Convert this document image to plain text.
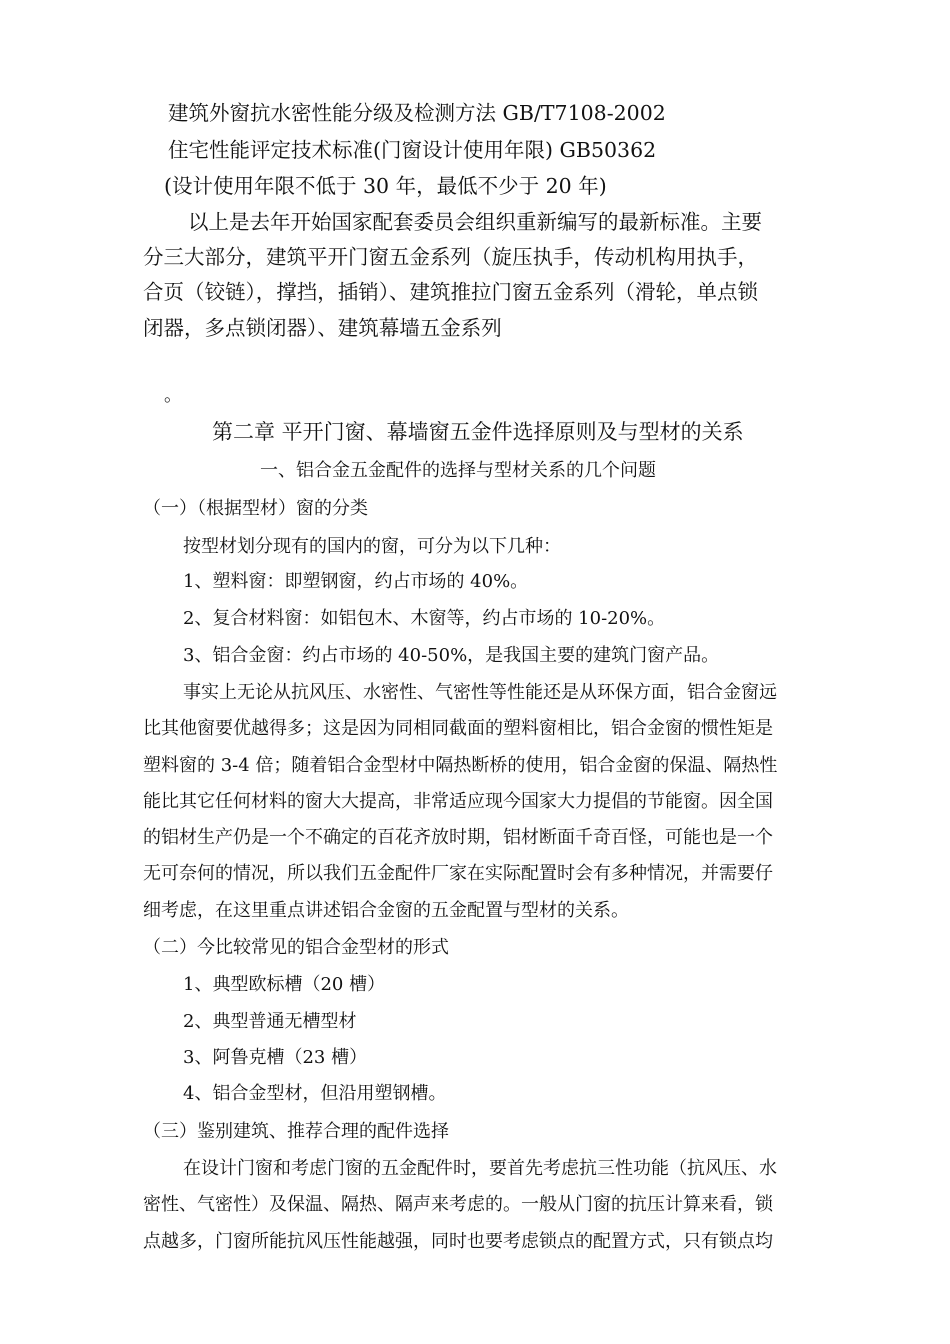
建筑外窗抗水密性能分级及检测方法 GB/T7108-2002
住宅性能评定技术标准(门窗设计使用年限) GB50362
(设计使用年限不低于 30 年，最低不少于 20 年)
以上是去年开始国家配套委员会组织重新编写的最新标准。主要
分三大部分，建筑平开门窗五金系列（旋压执手，传动机构用执手，
合页（铰链），撑挡，插销）、建筑推拉门窗五金系列（滑轮，单点锁
闭器，多点锁闭器）、建筑幕墙五金系列
。
第二章 平开门窗、幕墙窗五金件选择原则及与型材的关系
一、铝合金五金配件的选择与型材关系的几个问题
（一）（根据型材）窗的分类
按型材划分现有的国内的窗，可分为以下几种：
1、塑料窗：即塑钢窗，约占市场的 40%。
2、复合材料窗：如铝包木、木窗等，约占市场的 10-20%。
3、铝合金窗：约占市场的 40-50%，是我国主要的建筑门窗产品。
事实上无论从抗风压、水密性、气密性等性能还是从环保方面，铝合金窗远
比其他窗要优越得多；这是因为同相同截面的塑料窗相比，铝合金窗的惯性矩是
塑料窗的 3-4 倍；随着铝合金型材中隔热断桥的使用，铝合金窗的保温、隔热性
能比其它任何材料的窗大大提高，非常适应现今国家大力提倡的节能窗。因全国
的铝材生产仍是一个不确定的百花齐放时期，铝材断面千奇百怪，可能也是一个
无可奈何的情况，所以我们五金配件厂家在实际配置时会有多种情况，并需要仔
细考虑，在这里重点讲述铝合金窗的五金配置与型材的关系。
（二）今比较常见的铝合金型材的形式
1、典型欧标槽（20 槽）
2、典型普通无槽型材
3、阿鲁克槽（23 槽）
4、铝合金型材，但沿用塑钢槽。
（三）鉴别建筑、推荐合理的配件选择
在设计门窗和考虑门窗的五金配件时，要首先考虑抗三性功能（抗风压、水
密性、气密性）及保温、隔热、隔声来考虑的。一般从门窗的抗压计算来看，锁
点越多，门窗所能抗风压性能越强，同时也要考虑锁点的配置方式，只有锁点均
